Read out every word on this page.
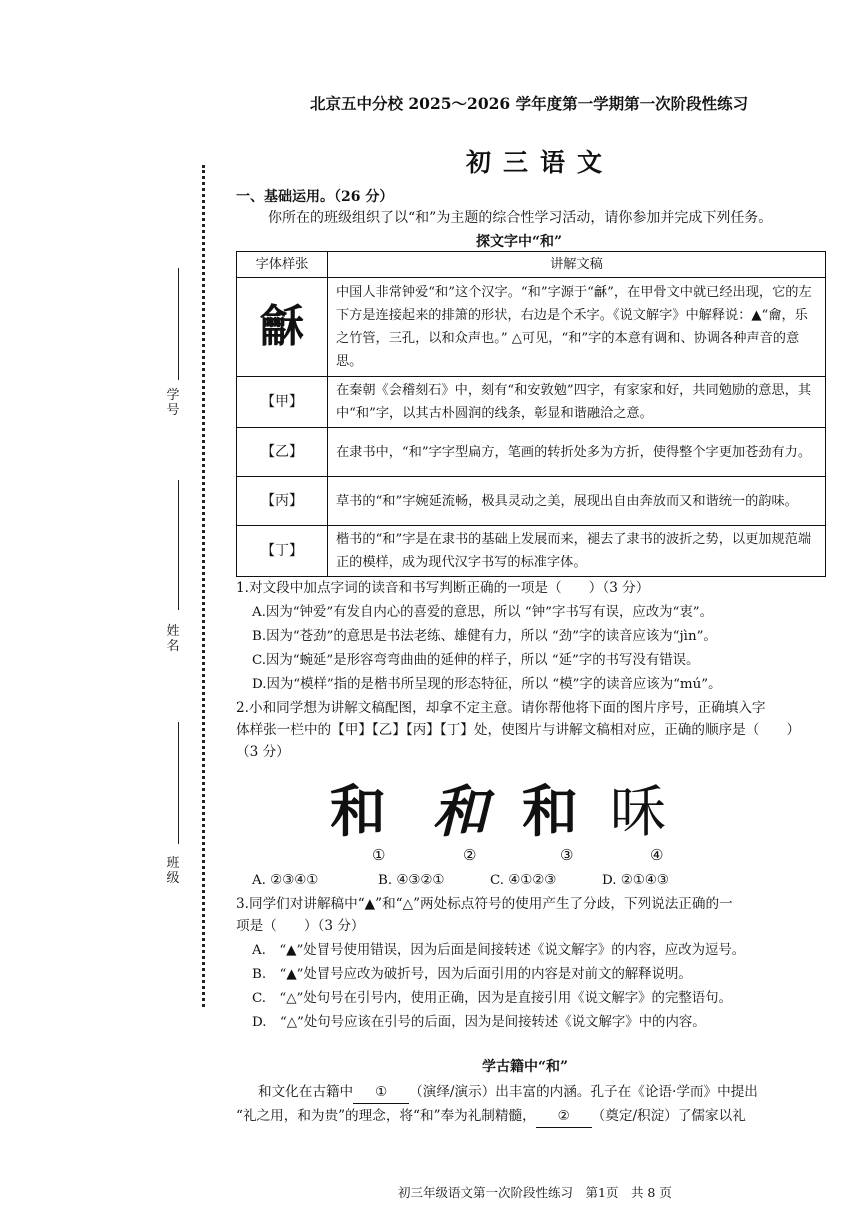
北京五中分校 2025～2026 学年度第一学期第一次阶段性练习
初三语文
学号
姓名
班级
一、基础运用。（26 分）
你所在的班级组织了以“和”为主题的综合性学习活动，请你参加并完成下列任务。
探文字中“和”
字体样张	讲解文稿
龢	中国人非常钟爱“和”这个汉字。“和”字源于“龢”，在甲骨文中就已经出现，它的左下方是连接起来的排箫的形状，右边是个禾字。《说文解字》中解释说：▲“龠，乐之竹管，三孔，以和众声也。” △可见，“和”字的本意有调和、协调各种声音的意思。
【甲】	在秦朝《会稽刻石》中，刻有“和安敦勉”四字，有家家和好，共同勉励的意思，其中“和”字，以其古朴圆润的线条，彰显和谐融洽之意。
【乙】	在隶书中，“和”字字型扁方，笔画的转折处多为方折，使得整个字更加苍劲有力。
【丙】	草书的“和”字婉延流畅，极具灵动之美，展现出自由奔放而又和谐统一的韵味。
【丁】	楷书的“和”字是在隶书的基础上发展而来，褪去了隶书的波折之势，以更加规范端正的模样，成为现代汉字书写的标准字体。
1.对文段中加点字词的读音和书写判断正确的一项是（　　）（3 分）
A.因为“钟爱”有发自内心的喜爱的意思，所以 “钟”字书写有误，应改为“衷”。
B.因为“苍劲”的意思是书法老练、雄健有力，所以 “劲”字的读音应该为“jìn”。
C.因为“蜿延”是形容弯弯曲曲的延伸的样子，所以 “延”字的书写没有错误。
D.因为“模样”指的是楷书所呈现的形态特征，所以 “模”字的读音应该为“mú”。
2.小和同学想为讲解文稿配图，却拿不定主意。请你帮他将下面的图片序号，正确填入字
体样张一栏中的【甲】【乙】【丙】【丁】处，使图片与讲解文稿相对应，正确的顺序是（　　）
（3 分）
和 和 和 咊
①	②	③	④
A. ②③④①	B. ④③②①	C. ④①②③	D. ②①④③
3.同学们对讲解稿中“▲”和“△”两处标点符号的使用产生了分歧，下列说法正确的一
项是（　　）（3 分）
A.　“▲”处冒号使用错误，因为后面是间接转述《说文解字》的内容，应改为逗号。
B.　“▲”处冒号应改为破折号，因为后面引用的内容是对前文的解释说明。
C.　“△”处句号在引号内，使用正确，因为是直接引用《说文解字》的完整语句。
D.　“△”处句号应该在引号的后面，因为是间接转述《说文解字》中的内容。
学古籍中“和”
和文化在古籍中 ① （演绎/演示）出丰富的内涵。孔子在《论语·学而》中提出
“礼之用，和为贵”的理念，将“和”奉为礼制精髓， ② （奠定/积淀）了儒家以礼
初三年级语文第一次阶段性练习　第1页　共 8 页
